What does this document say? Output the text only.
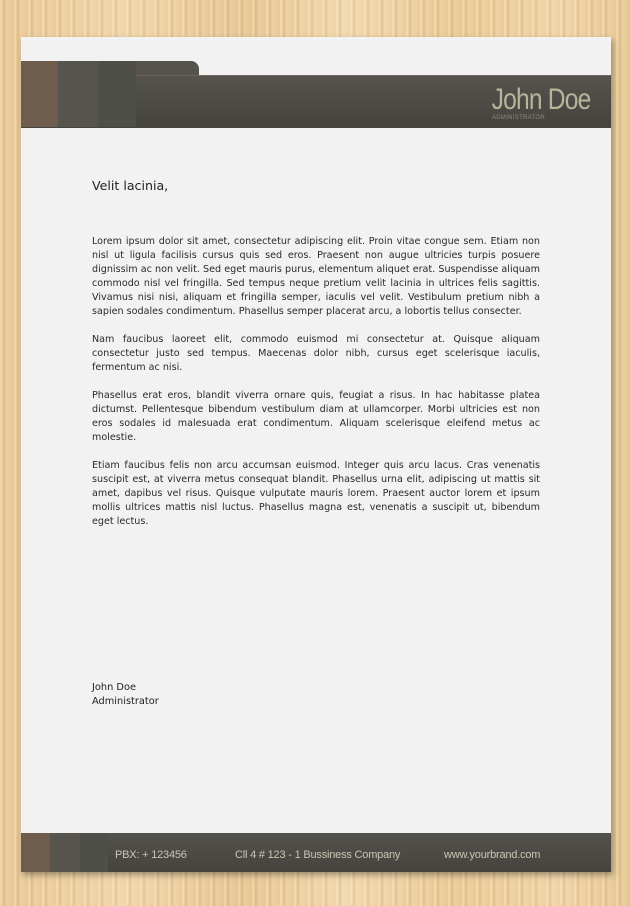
John Doe
ADMINISTRATOR
Velit lacinia,

Lorem ipsum dolor sit amet, consectetur adipiscing elit. Proin vitae congue sem. Etiam non nisl ut ligula facilisis cursus quis sed eros. Praesent non augue ultricies turpis posuere dignissim ac non velit. Sed eget mauris purus, elementum aliquet erat. Suspendisse aliquam commodo nisl vel fringilla. Sed tempus neque pretium velit lacinia in ultrices felis sagittis. Vivamus nisi nisi, aliquam et fringilla semper, iaculis vel velit. Vestibulum pretium nibh a sapien sodales condimentum. Phasellus semper placerat arcu, a lobortis tellus consecter.

Nam faucibus laoreet elit, commodo euismod mi consectetur at. Quisque aliquam consectetur justo sed tempus. Maecenas dolor nibh, cursus eget scelerisque iaculis, fermentum ac nisi.

Phasellus erat eros, blandit viverra ornare quis, feugiat a risus. In hac habitasse platea dictumst. Pellentesque bibendum vestibulum diam at ullamcorper. Morbi ultricies est non eros sodales id malesuada erat condimentum. Aliquam scelerisque eleifend metus ac molestie.

Etiam faucibus felis non arcu accumsan euismod. Integer quis arcu lacus. Cras venenatis suscipit est, at viverra metus consequat blandit. Phasellus urna elit, adipiscing ut mattis sit amet, dapibus vel risus. Quisque vulputate mauris lorem. Praesent auctor lorem et ipsum mollis ultrices mattis nisl luctus. Phasellus magna est, venenatis a suscipit ut, bibendum eget lectus.

John Doe
Administrator
PBX: + 123456	Cll 4 # 123 - 1 Bussiness Company	www.yourbrand.com
